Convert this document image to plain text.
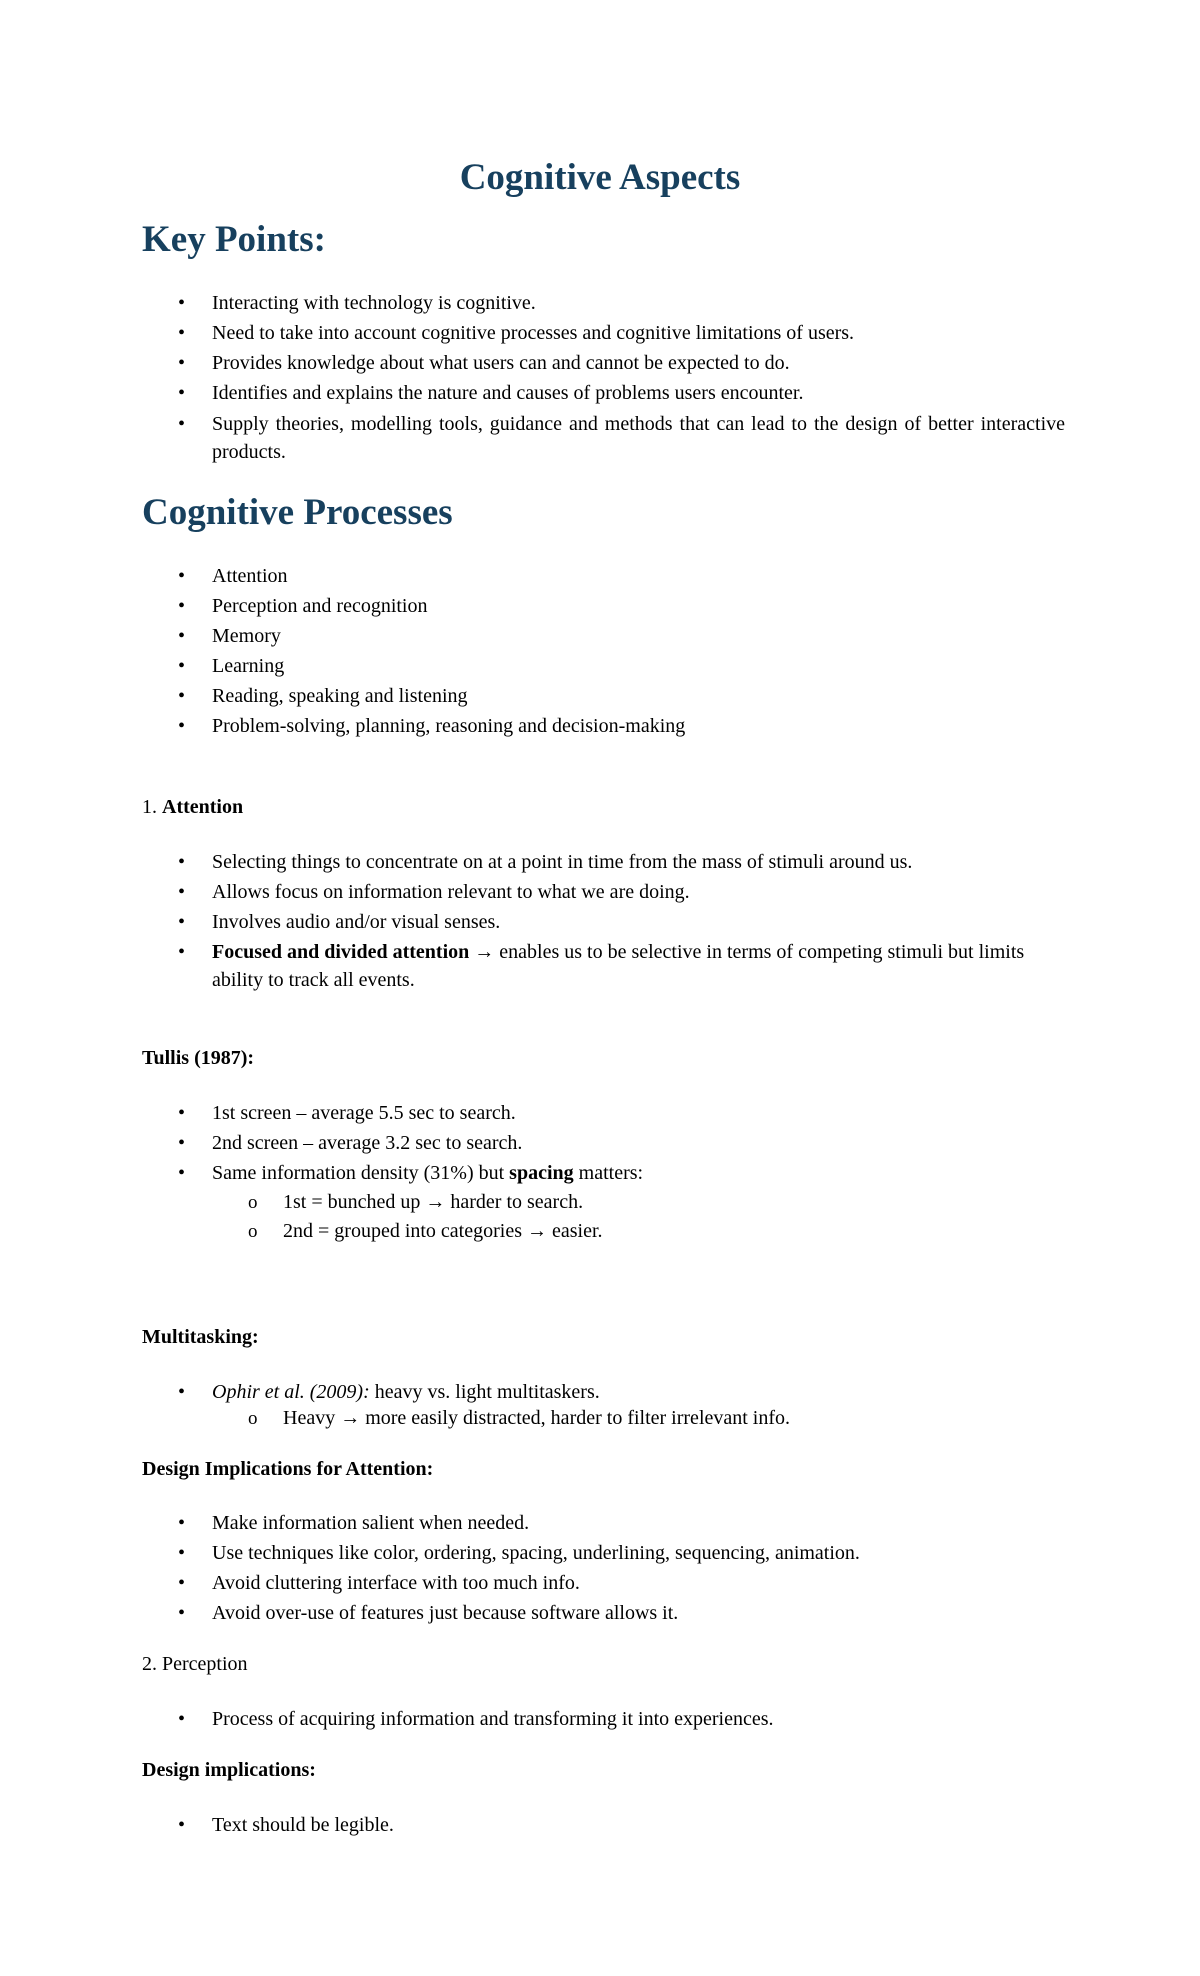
Cognitive Aspects
Key Points:
• Interacting with technology is cognitive.
• Need to take into account cognitive processes and cognitive limitations of users.
• Provides knowledge about what users can and cannot be expected to do.
• Identifies and explains the nature and causes of problems users encounter.
• Supply theories, modelling tools, guidance and methods that can lead to the design of better interactive products.
Cognitive Processes
• Attention
• Perception and recognition
• Memory
• Learning
• Reading, speaking and listening
• Problem-solving, planning, reasoning and decision-making

1. Attention

• Selecting things to concentrate on at a point in time from the mass of stimuli around us.
• Allows focus on information relevant to what we are doing.
• Involves audio and/or visual senses.
• Focused and divided attention → enables us to be selective in terms of competing stimuli but limits ability to track all events.

Tullis (1987):

• 1st screen – average 5.5 sec to search.
• 2nd screen – average 3.2 sec to search.
• Same information density (31%) but spacing matters:
o 1st = bunched up → harder to search.
o 2nd = grouped into categories → easier.

Multitasking:

• Ophir et al. (2009): heavy vs. light multitaskers.
o Heavy → more easily distracted, harder to filter irrelevant info.

Design Implications for Attention:

• Make information salient when needed.
• Use techniques like color, ordering, spacing, underlining, sequencing, animation.
• Avoid cluttering interface with too much info.
• Avoid over-use of features just because software allows it.

2. Perception

• Process of acquiring information and transforming it into experiences.

Design implications:

• Text should be legible.
